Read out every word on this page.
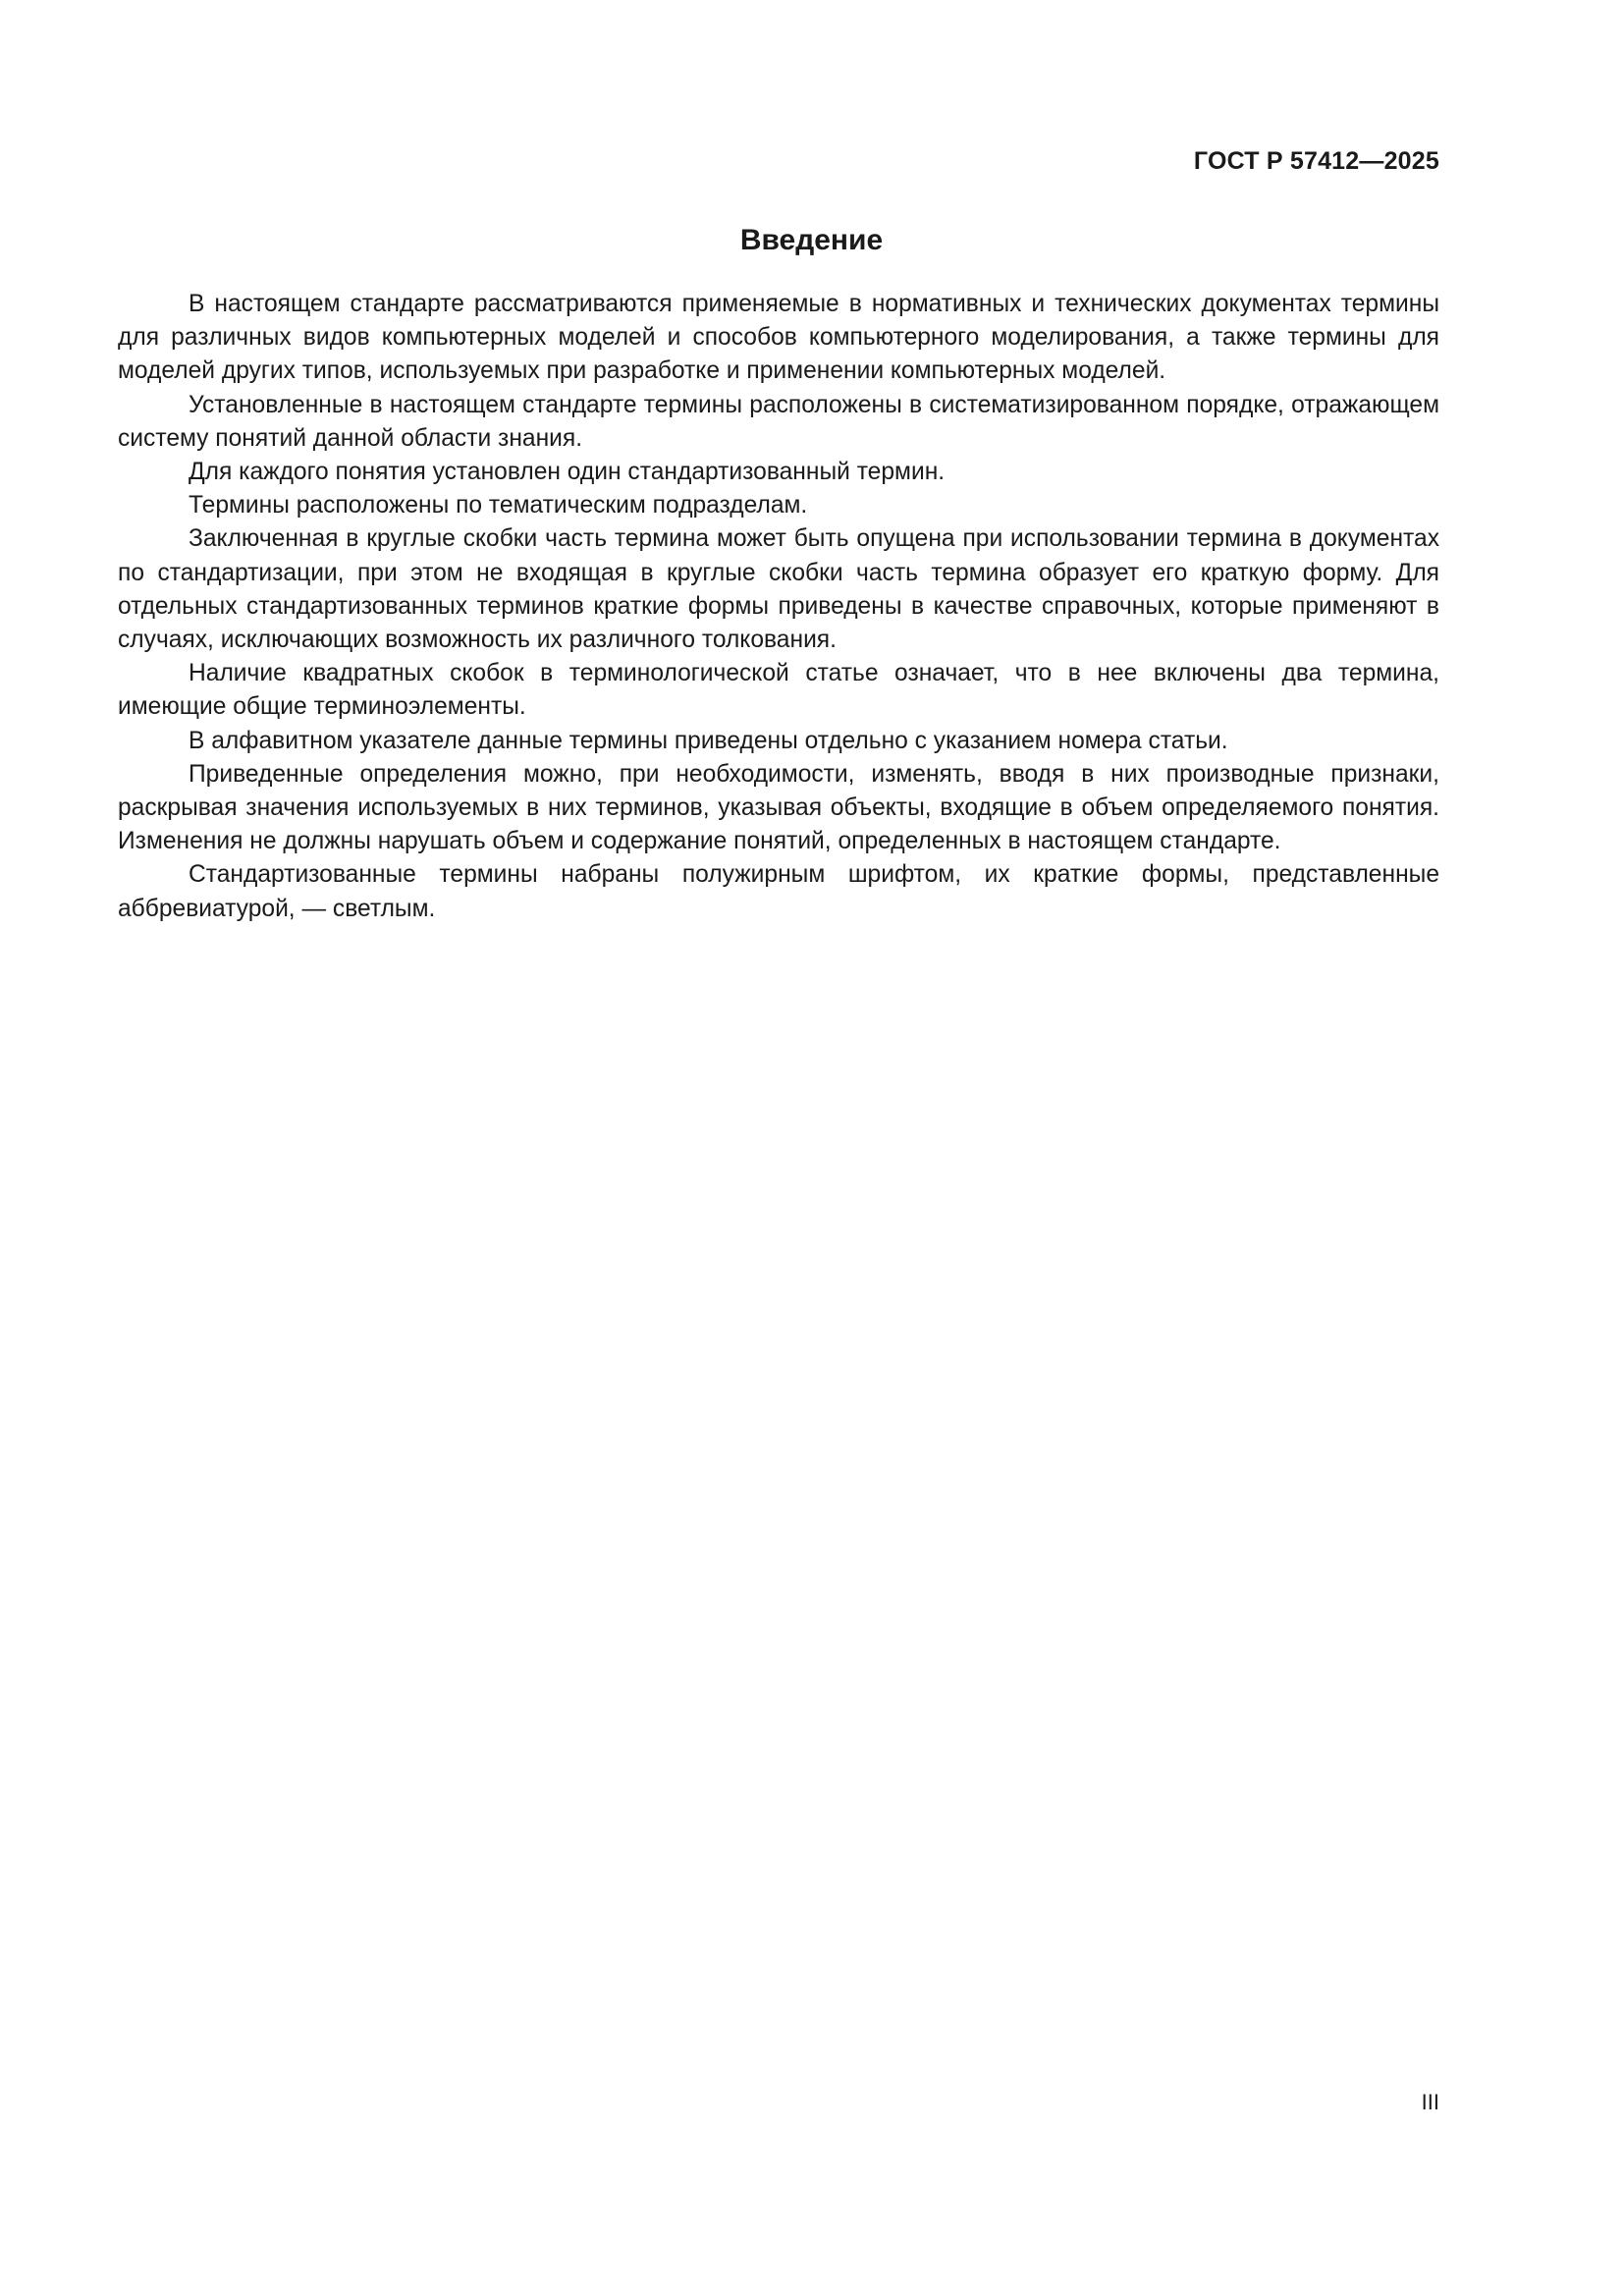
ГОСТ Р 57412—2025
Введение

В настоящем стандарте рассматриваются применяемые в нормативных и технических документах термины для различных видов компьютерных моделей и способов компьютерного моделирования, а также термины для моделей других типов, используемых при разработке и применении компьютерных моделей.

Установленные в настоящем стандарте термины расположены в систематизированном порядке, отражающем систему понятий данной области знания.

Для каждого понятия установлен один стандартизованный термин.

Термины расположены по тематическим подразделам.

Заключенная в круглые скобки часть термина может быть опущена при использовании термина в документах по стандартизации, при этом не входящая в круглые скобки часть термина образует его краткую форму. Для отдельных стандартизованных терминов краткие формы приведены в качестве справочных, которые применяют в случаях, исключающих возможность их различного толкования.

Наличие квадратных скобок в терминологической статье означает, что в нее включены два термина, имеющие общие терминоэлементы.

В алфавитном указателе данные термины приведены отдельно с указанием номера статьи.

Приведенные определения можно, при необходимости, изменять, вводя в них производные признаки, раскрывая значения используемых в них терминов, указывая объекты, входящие в объем определяемого понятия. Изменения не должны нарушать объем и содержание понятий, определенных в настоящем стандарте.

Стандартизованные термины набраны полужирным шрифтом, их краткие формы, представленные аббревиатурой, — светлым.

III
